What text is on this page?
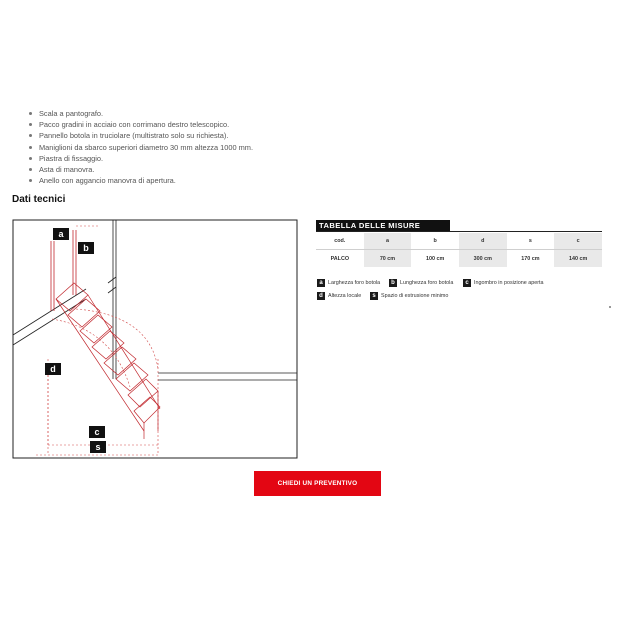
Scala a pantografo.
Pacco gradini in acciaio con corrimano destro telescopico.
Pannello botola in truciolare (multistrato solo su richiesta).
Maniglioni da sbarco superiori diametro 30 mm altezza 1000 mm.
Piastra di fissaggio.
Asta di manovra.
Anello con aggancio manovra di apertura.
Dati tecnici
a
b
d
c
s
TABELLA DELLE MISURE
cod.	a	b	d	s	c
PALCO	70 cm	100 cm	300 cm	170 cm	140 cm
a Larghezza foro botola	b Lunghezza foro botola	c Ingombro in posizione aperta
d Altezza locale	s Spazio di estrusione minimo
CHIEDI UN PREVENTIVO
